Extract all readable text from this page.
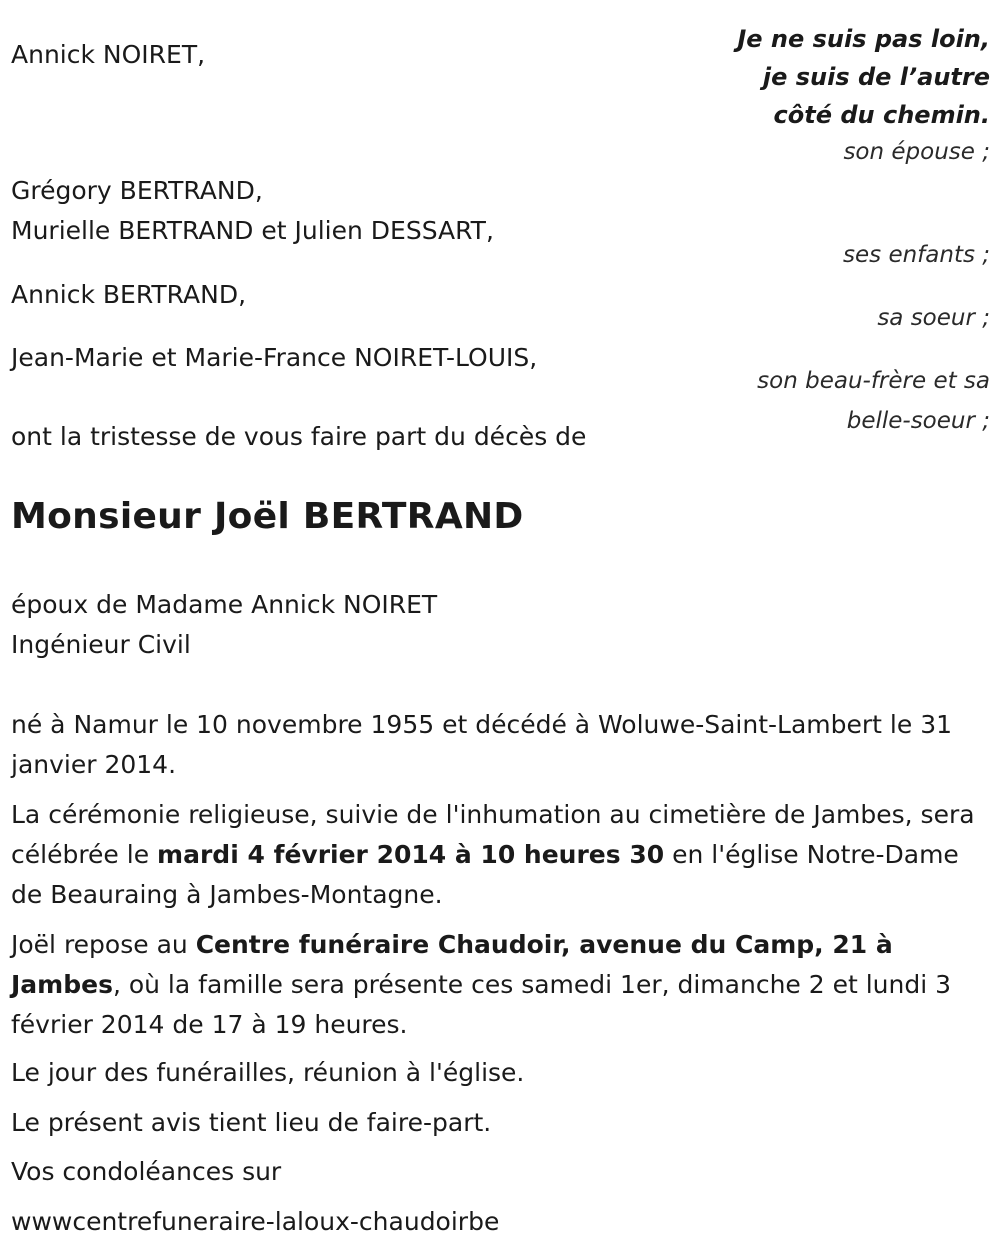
Je ne suis pas loin,
je suis de l’autre
côté du chemin.
Annick NOIRET,
son épouse ;
Grégory BERTRAND,
Murielle BERTRAND et Julien DESSART,
ses enfants ;
Annick BERTRAND,
sa soeur ;
Jean-Marie et Marie-France NOIRET-LOUIS,
son beau-frère et sa
belle-soeur ;
ont la tristesse de vous faire part du décès de
Monsieur Joël BERTRAND
époux de Madame Annick NOIRET
Ingénieur Civil
né à Namur le 10 novembre 1955 et décédé à Woluwe-Saint-Lambert le 31 janvier 2014.
La cérémonie religieuse, suivie de l'inhumation au cimetière de Jambes, sera célébrée le mardi 4 février 2014 à 10 heures 30 en l'église Notre-Dame de Beauraing à Jambes-Montagne.
Joël repose au Centre funéraire Chaudoir, avenue du Camp, 21 à Jambes, où la famille sera présente ces samedi 1er, dimanche 2 et lundi 3 février 2014 de 17 à 19 heures.
Le jour des funérailles, réunion à l'église.
Le présent avis tient lieu de faire-part.
Vos condoléances sur
wwwcentrefuneraire-laloux-chaudoirbe
